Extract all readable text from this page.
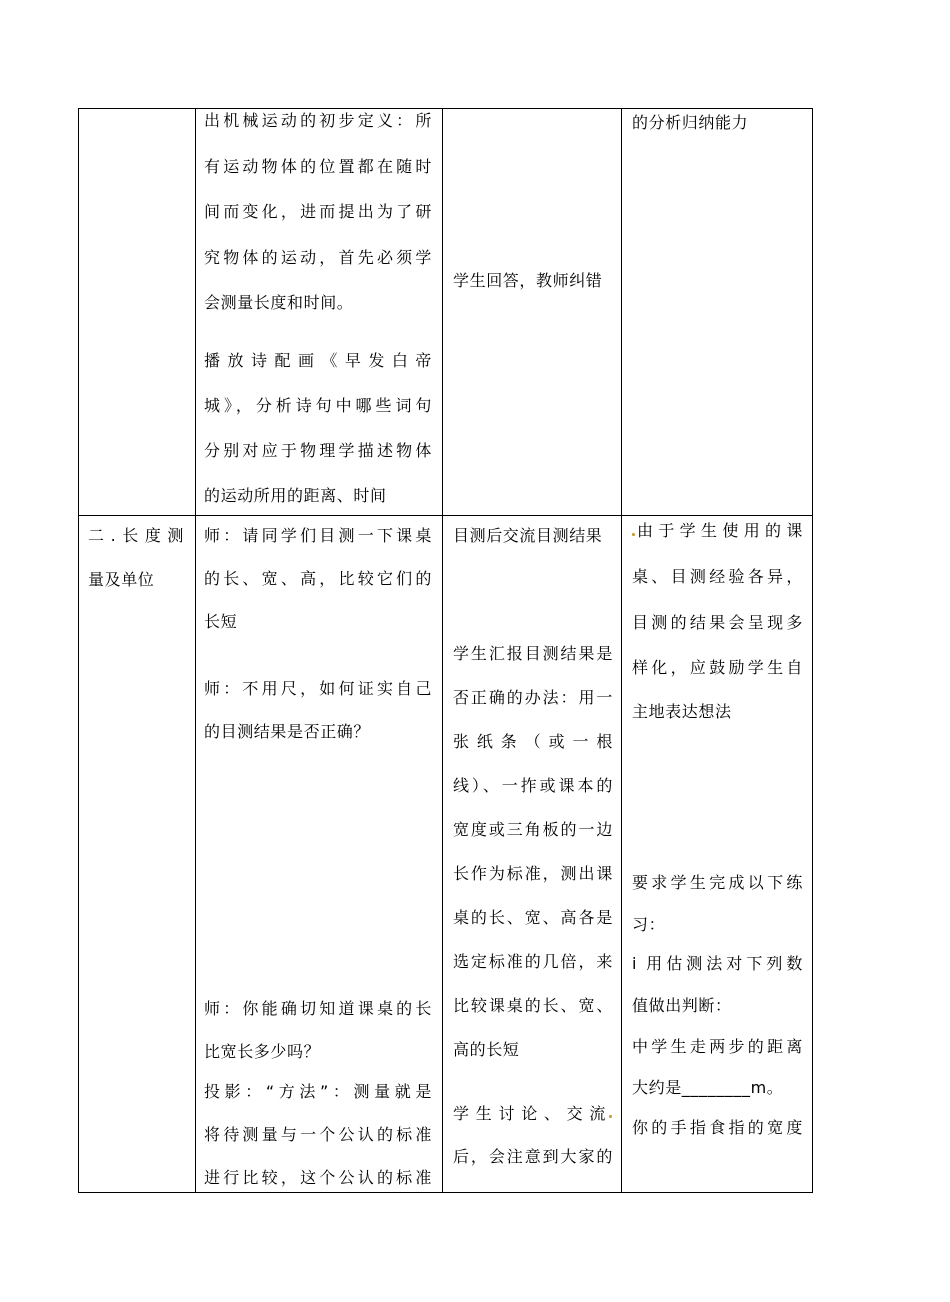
出机械运动的初步定义：所
有运动物体的位置都在随时
间而变化，进而提出为了研
究物体的运动，首先必须学
会测量长度和时间。
播放诗配画《早发白帝
城》，分析诗句中哪些词句
分别对应于物理学描述物体
的运动所用的距离、时间
学生回答，教师纠错
的分析归纳能力
二.长度测
量及单位
师：请同学们目测一下课桌
的长、宽、高，比较它们的
长短
师：不用尺，如何证实自己
的目测结果是否正确？
师：你能确切知道课桌的长
比宽长多少吗？
投影：“方法”：测量就是
将待测量与一个公认的标准
进行比较，这个公认的标准
目测后交流目测结果
学生汇报目测结果是
否正确的办法：用一
张纸条（或一根
线）、一拃或课本的
宽度或三角板的一边
长作为标准，测出课
桌的长、宽、高各是
选定标准的几倍，来
比较课桌的长、宽、
高的长短
学生讨论、交流
后，会注意到大家的
由于学生使用的课
桌、目测经验各异，
目测的结果会呈现多
样化，应鼓励学生自
主地表达想法
要求学生完成以下练
习：
i 用估测法对下列数
值做出判断：
中学生走两步的距离
大约是________m。
你的手指食指的宽度
